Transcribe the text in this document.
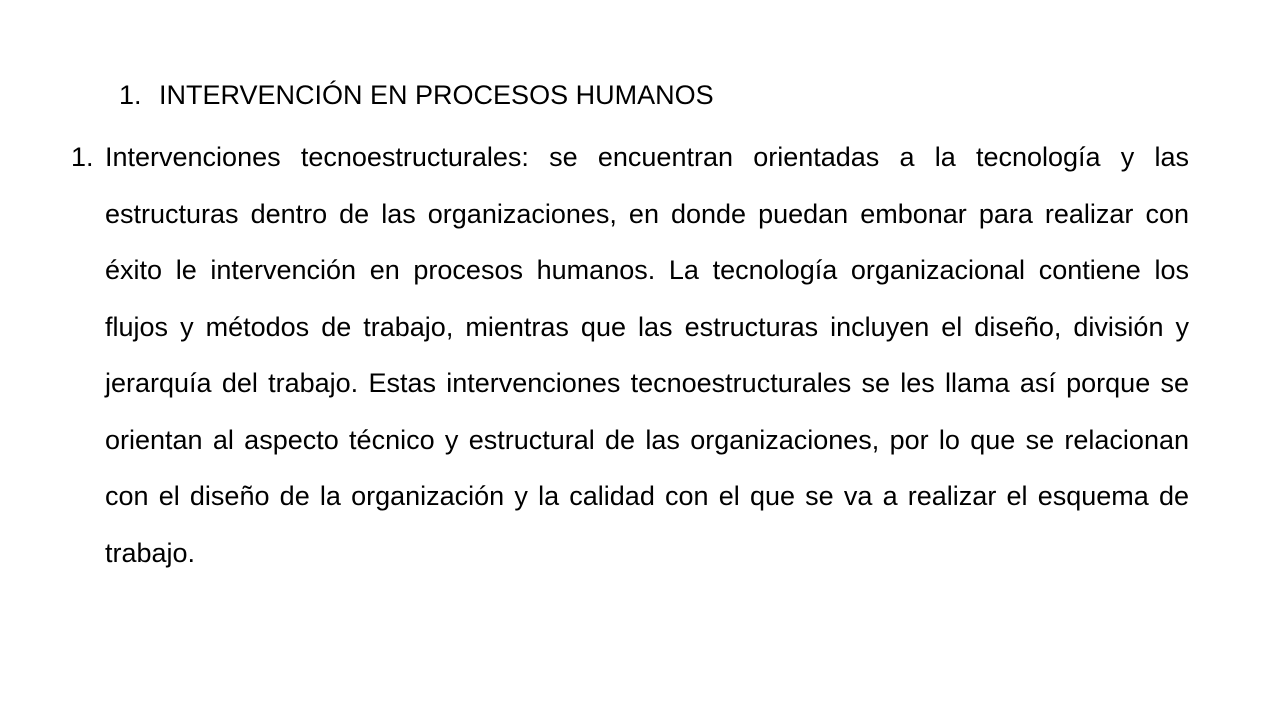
1. INTERVENCIÓN EN PROCESOS HUMANOS
1. Intervenciones tecnoestructurales: se encuentran orientadas a la tecnología y las estructuras dentro de las organizaciones, en donde puedan embonar para realizar con éxito le intervención en procesos humanos. La tecnología organizacional contiene los flujos y métodos de trabajo, mientras que las estructuras incluyen el diseño, división y jerarquía del trabajo. Estas intervenciones tecnoestructurales se les llama así porque se orientan al aspecto técnico y estructural de las organizaciones, por lo que se relacionan con el diseño de la organización y la calidad con el que se va a realizar el esquema de trabajo.
